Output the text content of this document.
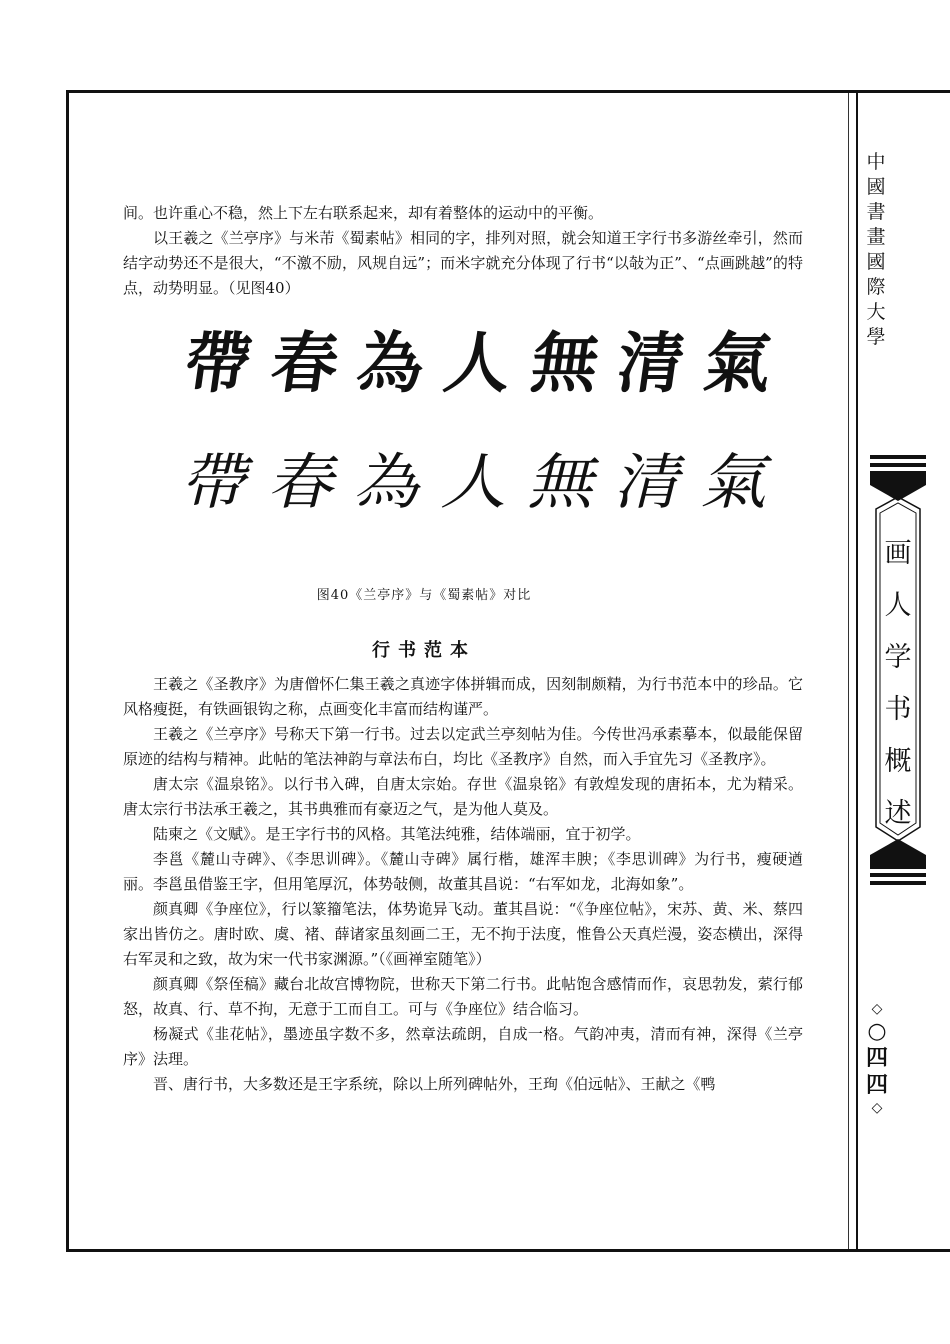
中
國
書
畫
國
際
大
學
画
人
学
书
概
述
◇
○
四
四
◇

间。也许重心不稳，然上下左右联系起来，却有着整体的运动中的平衡。

以王羲之《兰亭序》与米芾《蜀素帖》相同的字，排列对照，就会知道王字行书多游丝牵引，然而结字动势还不是很大，“不激不励，风规自远”；而米字就充分体现了行书“以敧为正”、“点画跳越”的特点，动势明显。（见图40）

帶 春 為 人 無 清 氣
帶 春 為 人 無 清 氣
图40《兰亭序》与《蜀素帖》对比
行书范本

王羲之《圣教序》为唐僧怀仁集王羲之真迹字体拼辑而成，因刻制颇精，为行书范本中的珍品。它风格瘦挺，有铁画银钩之称，点画变化丰富而结构谨严。

王羲之《兰亭序》号称天下第一行书。过去以定武兰亭刻帖为佳。今传世冯承素摹本，似最能保留原迹的结构与精神。此帖的笔法神韵与章法布白，均比《圣教序》自然，而入手宜先习《圣教序》。

唐太宗《温泉铭》。以行书入碑，自唐太宗始。存世《温泉铭》有敦煌发现的唐拓本，尤为精采。唐太宗行书法承王羲之，其书典雅而有豪迈之气，是为他人莫及。

陆柬之《文赋》。是王字行书的风格。其笔法纯雅，结体端丽，宜于初学。

李邕《麓山寺碑》、《李思训碑》。《麓山寺碑》属行楷，雄浑丰腴；《李思训碑》为行书，瘦硬遒丽。李邕虽借鉴王字，但用笔厚沉，体势敧侧，故董其昌说：“右军如龙，北海如象”。

颜真卿《争座位》，行以篆籀笔法，体势诡异飞动。董其昌说：“《争座位帖》，宋苏、黄、米、蔡四家出皆仿之。唐时欧、虞、褚、薛诸家虽刻画二王，无不拘于法度，惟鲁公天真烂漫，姿态横出，深得右军灵和之致，故为宋一代书家渊源。”（《画禅室随笔》）

颜真卿《祭侄稿》藏台北故宫博物院，世称天下第二行书。此帖饱含感情而作，哀思勃发，萦行郁怒，故真、行、草不拘，无意于工而自工。可与《争座位》结合临习。

杨凝式《韭花帖》，墨迹虽字数不多，然章法疏朗，自成一格。气韵冲夷，清而有神，深得《兰亭序》法理。

晋、唐行书，大多数还是王字系统，除以上所列碑帖外，王珣《伯远帖》、王献之《鸭
